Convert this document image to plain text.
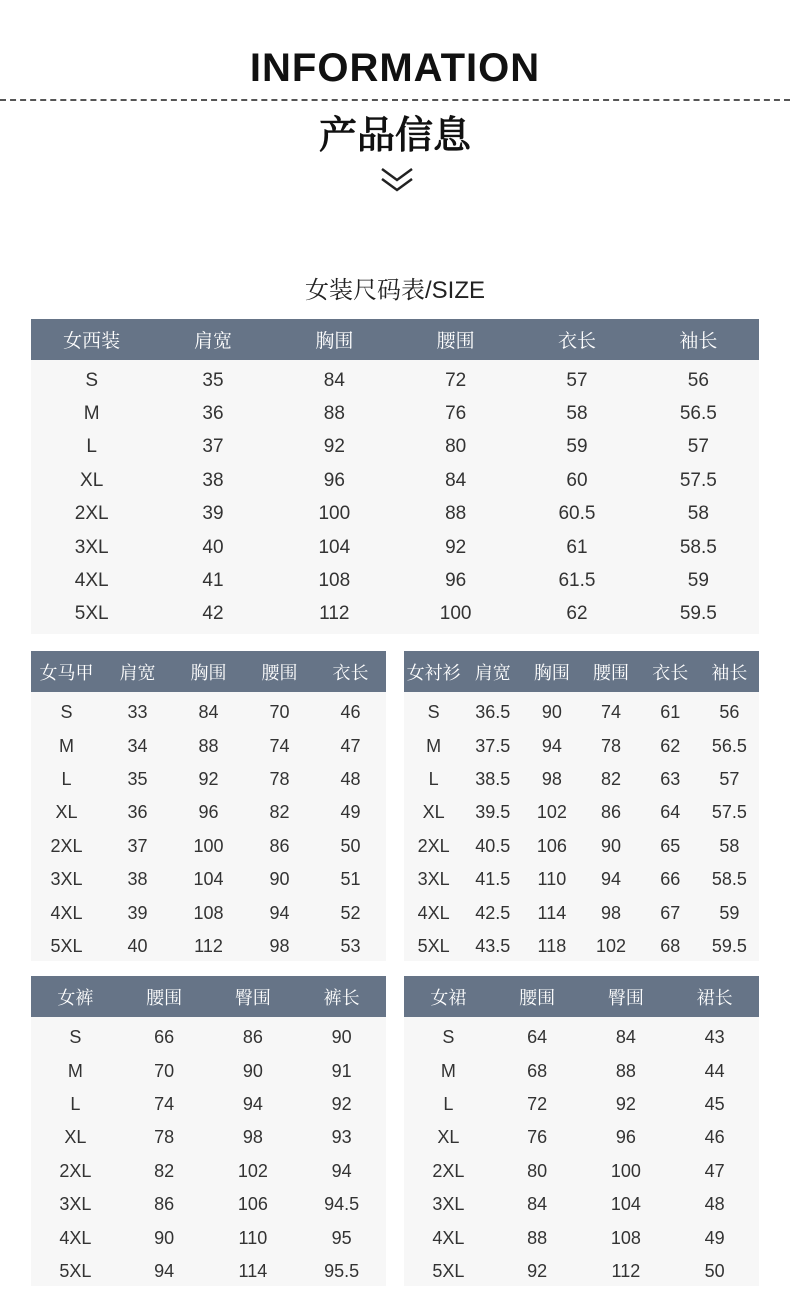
INFORMATION
产品信息
女装尺码表/SIZE
女西装	肩宽	胸围	腰围	衣长	袖长
S	35	84	72	57	56
M	36	88	76	58	56.5
L	37	92	80	59	57
XL	38	96	84	60	57.5
2XL	39	100	88	60.5	58
3XL	40	104	92	61	58.5
4XL	41	108	96	61.5	59
5XL	42	112	100	62	59.5
女马甲	肩宽	胸围	腰围	衣长
S	33	84	70	46
M	34	88	74	47
L	35	92	78	48
XL	36	96	82	49
2XL	37	100	86	50
3XL	38	104	90	51
4XL	39	108	94	52
5XL	40	112	98	53
女衬衫	肩宽	胸围	腰围	衣长	袖长
S	36.5	90	74	61	56
M	37.5	94	78	62	56.5
L	38.5	98	82	63	57
XL	39.5	102	86	64	57.5
2XL	40.5	106	90	65	58
3XL	41.5	110	94	66	58.5
4XL	42.5	114	98	67	59
5XL	43.5	118	102	68	59.5
女裤	腰围	臀围	裤长
S	66	86	90
M	70	90	91
L	74	94	92
XL	78	98	93
2XL	82	102	94
3XL	86	106	94.5
4XL	90	110	95
5XL	94	114	95.5
女裙	腰围	臀围	裙长
S	64	84	43
M	68	88	44
L	72	92	45
XL	76	96	46
2XL	80	100	47
3XL	84	104	48
4XL	88	108	49
5XL	92	112	50
